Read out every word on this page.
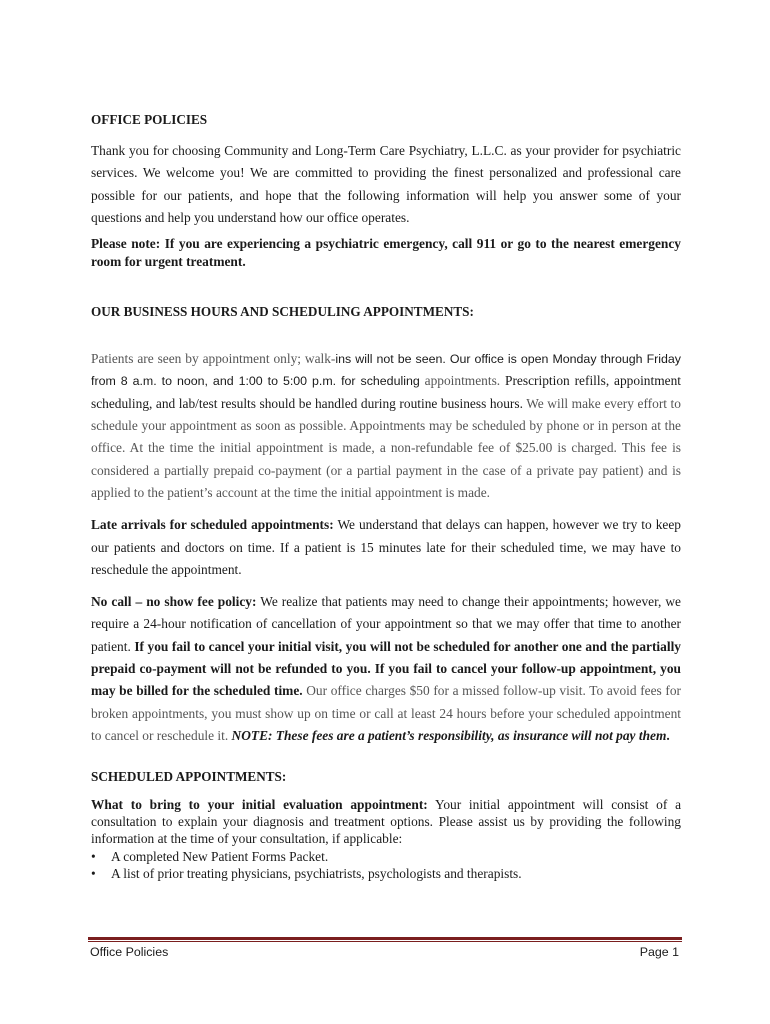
OFFICE POLICIES

Thank you for choosing Community and Long-Term Care Psychiatry, L.L.C. as your provider for psychiatric services. We welcome you! We are committed to providing the finest personalized and professional care possible for our patients, and hope that the following information will help you answer some of your questions and help you understand how our office operates.

Please note: If you are experiencing a psychiatric emergency, call 911 or go to the nearest emergency room for urgent treatment.

OUR BUSINESS HOURS AND SCHEDULING APPOINTMENTS:

Patients are seen by appointment only; walk-ins will not be seen. Our office is open Monday through Friday from 8 a.m. to noon, and 1:00 to 5:00 p.m. for scheduling appointments. Prescription refills, appointment scheduling, and lab/test results should be handled during routine business hours. We will make every effort to schedule your appointment as soon as possible. Appointments may be scheduled by phone or in person at the office. At the time the initial appointment is made, a non-refundable fee of $25.00 is charged. This fee is considered a partially prepaid co-payment (or a partial payment in the case of a private pay patient) and is applied to the patient’s account at the time the initial appointment is made.

Late arrivals for scheduled appointments: We understand that delays can happen, however we try to keep our patients and doctors on time. If a patient is 15 minutes late for their scheduled time, we may have to reschedule the appointment.

No call – no show fee policy: We realize that patients may need to change their appointments; however, we require a 24-hour notification of cancellation of your appointment so that we may offer that time to another patient. If you fail to cancel your initial visit, you will not be scheduled for another one and the partially prepaid co-payment will not be refunded to you. If you fail to cancel your follow-up appointment, you may be billed for the scheduled time. Our office charges $50 for a missed follow-up visit. To avoid fees for broken appointments, you must show up on time or call at least 24 hours before your scheduled appointment to cancel or reschedule it. NOTE: These fees are a patient’s responsibility, as insurance will not pay them.

SCHEDULED APPOINTMENTS:

What to bring to your initial evaluation appointment: Your initial appointment will consist of a consultation to explain your diagnosis and treatment options. Please assist us by providing the following information at the time of your consultation, if applicable:

• A completed New Patient Forms Packet.
• A list of prior treating physicians, psychiatrists, psychologists and therapists.
Office Policies	Page 1
